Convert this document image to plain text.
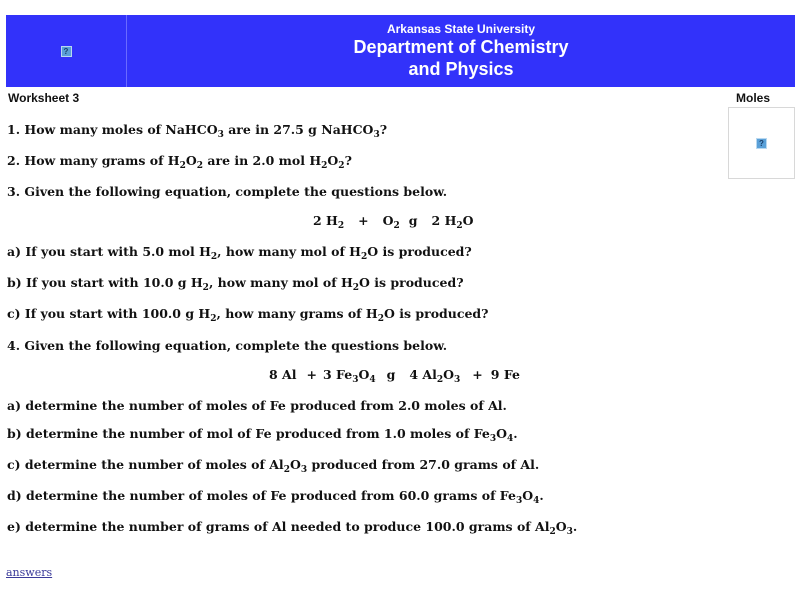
?
Arkansas State University
Department of Chemistry
and Physics
Worksheet 3	Moles
?
1. How many moles of NaHCO$_3$ are in 27.5 g NaHCO$_3$?
2. How many grams of $H_2O_2$ are in 2.0 mol $H_2O_2$?
3. Given the following equation, complete the questions below.
2 $H_2 + O_2$ g 2 $H_2O$
a) If you start with 5.0 mol $H_2$, how many mol of $H_2O$ is produced?
b) If you start with 10.0 g $H_2$, how many mol of $H_2O$ is produced?
c) If you start with 100.0 g $H_2$, how many grams of $H_2O$ is produced?
4. Given the following equation, complete the questions below.
8 Al + 3 $Fe_3O_4$ g 4 $Al_2O_3 + 9$ Fe
a) determine the number of moles of Fe produced from 2.0 moles of Al.
b) determine the number of mol of Fe produced from 1.0 moles of $Fe_3O_4$.
c) determine the number of moles of $Al_2O_3$ produced from 27.0 grams of Al.
d) determine the number of moles of Fe produced from 60.0 grams of $Fe_3O_4$.
e) determine the number of grams of Al needed to produce 100.0 grams of $Al_2O_3$.
answers
